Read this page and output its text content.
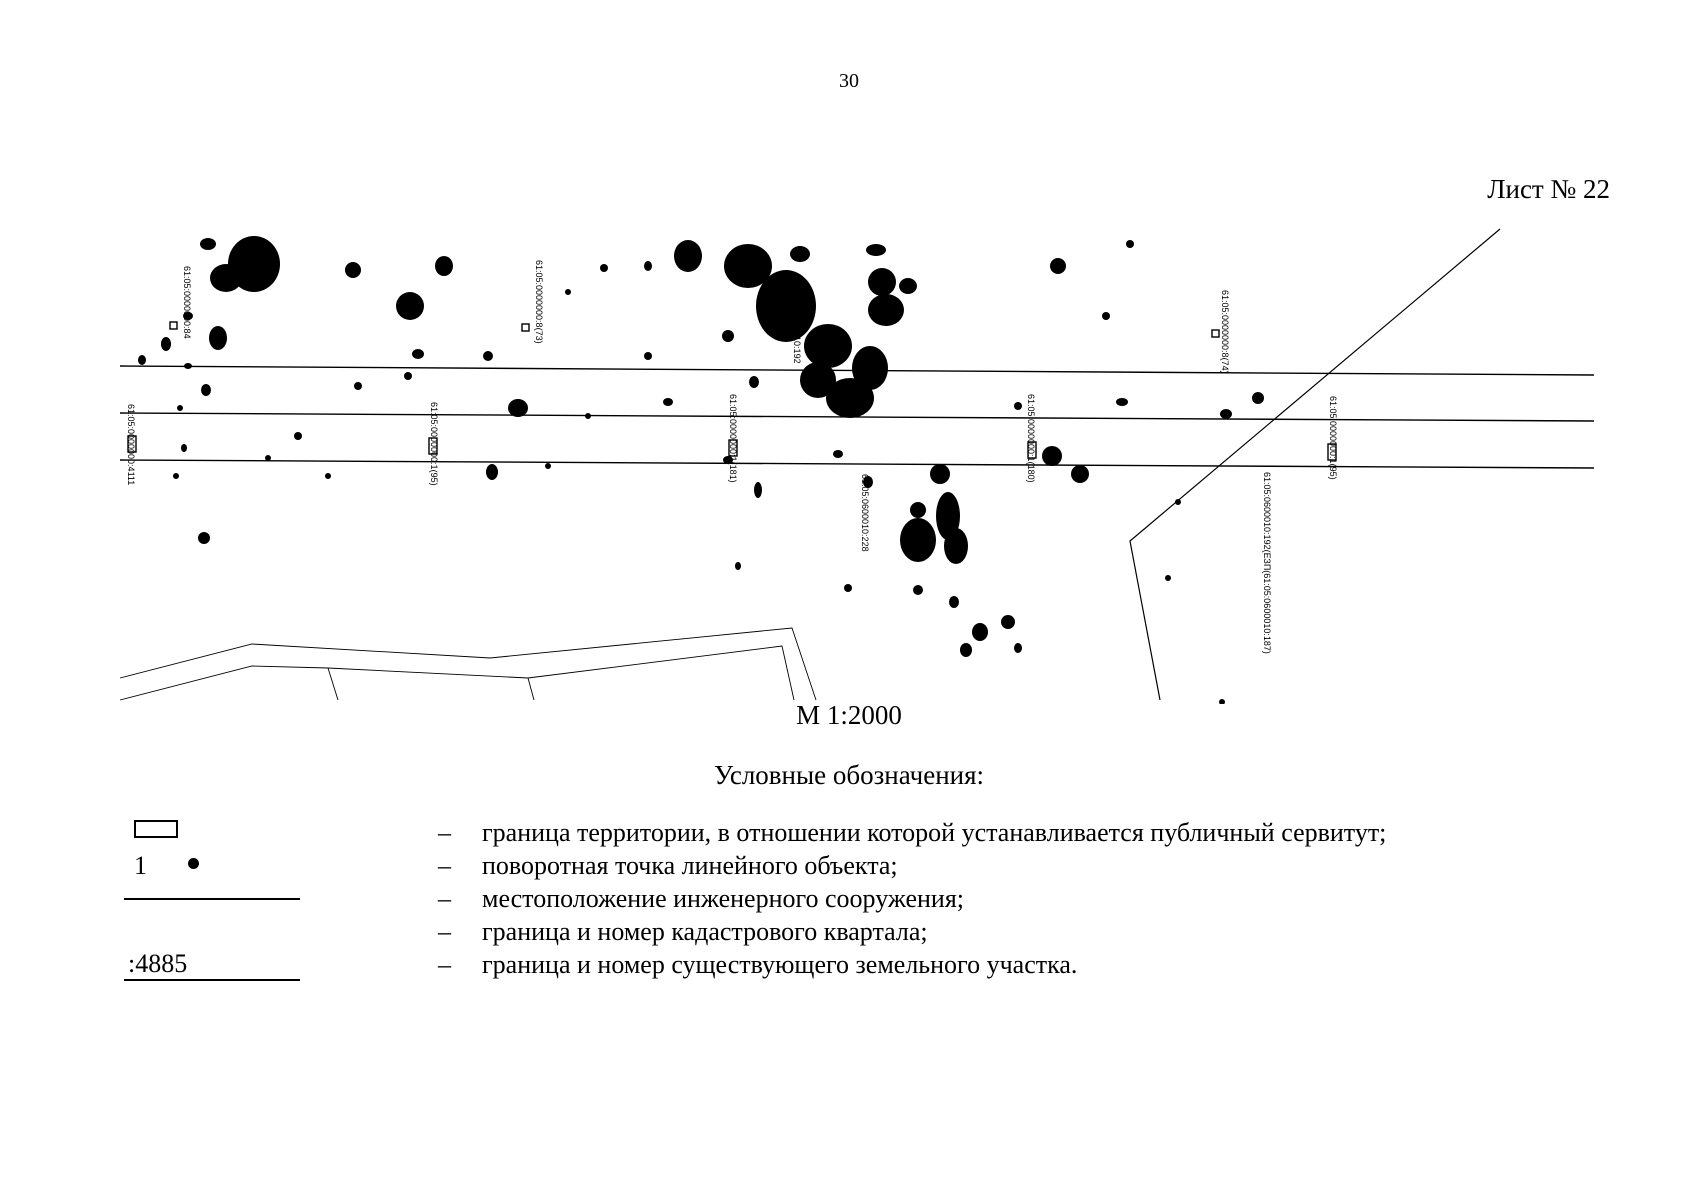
30
Лист № 22
61:05:0000000:4111	61:05:0000000:1(95)	61:05:0000000:1(181)	61:05:0000000:1(180)	61:05:0000000:1(95)
61:05:0000000:8(73)	61:05:0000000:8(74)
61:05:0600010:192
61:05:0600010:228	61:05:0600010:192(ЕЗП(61:05:0600010:187)
61:05:0000000:84
М 1:2000
Условные обозначения:
– граница территории, в отношении которой устанавливается публичный сервитут;
1	– поворотная точка линейного объекта;
– местоположение инженерного сооружения;
– граница и номер кадастрового квартала;
:4885	– граница и номер существующего земельного участка.
